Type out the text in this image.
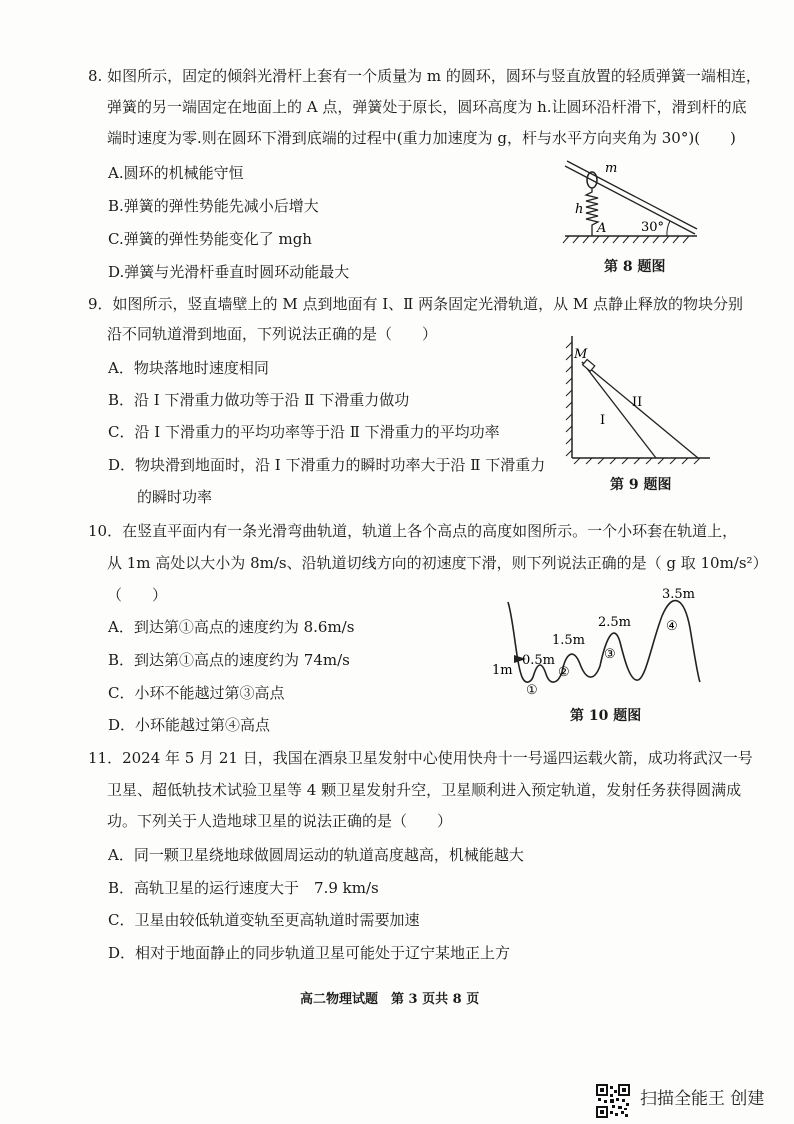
8. 如图所示，固定的倾斜光滑杆上套有一个质量为 m 的圆环，圆环与竖直放置的轻质弹簧一端相连，
弹簧的另一端固定在地面上的 A 点，弹簧处于原长，圆环高度为 h.让圆环沿杆滑下，滑到杆的底
端时速度为零.则在圆环下滑到底端的过程中(重力加速度为 g，杆与水平方向夹角为 30°)(　　)
A.圆环的机械能守恒
B.弹簧的弹性势能先减小后增大
C.弹簧的弹性势能变化了 mgh
D.弹簧与光滑杆垂直时圆环动能最大
m
h
A	30°
第 8 题图
9．如图所示，竖直墙壁上的 M 点到地面有 Ⅰ、Ⅱ 两条固定光滑轨道，从 M 点静止释放的物块分别
沿不同轨道滑到地面，下列说法正确的是（　　）
A．物块落地时速度相同
B．沿 Ⅰ 下滑重力做功等于沿 Ⅱ 下滑重力做功
C．沿 Ⅰ 下滑重力的平均功率等于沿 Ⅱ 下滑重力的平均功率
D．物块滑到地面时，沿 Ⅰ 下滑重力的瞬时功率大于沿 Ⅱ 下滑重力
的瞬时功率
M
I
II
第 9 题图
10．在竖直平面内有一条光滑弯曲轨道，轨道上各个高点的高度如图所示。一个小环套在轨道上，
从 1m 高处以大小为 8m/s、沿轨道切线方向的初速度下滑，则下列说法正确的是（ g 取 10m/s²）
（　　）
A．到达第①高点的速度约为 8.6m/s
B．到达第①高点的速度约为 74m/s
C．小环不能越过第③高点
D．小环能越过第④高点
1m
0.5m
1.5m
2.5m
3.5m
①
②
③
④
第 10 题图
11．2024 年 5 月 21 日，我国在酒泉卫星发射中心使用快舟十一号遥四运载火箭，成功将武汉一号
卫星、超低轨技术试验卫星等 4 颗卫星发射升空，卫星顺利进入预定轨道，发射任务获得圆满成
功。下列关于人造地球卫星的说法正确的是（　　）
A．同一颗卫星绕地球做圆周运动的轨道高度越高，机械能越大
B．高轨卫星的运行速度大于　7.9 km/s
C．卫星由较低轨道变轨至更高轨道时需要加速
D．相对于地面静止的同步轨道卫星可能处于辽宁某地正上方
高二物理试题　第 3 页共 8 页
扫描全能王 创建
